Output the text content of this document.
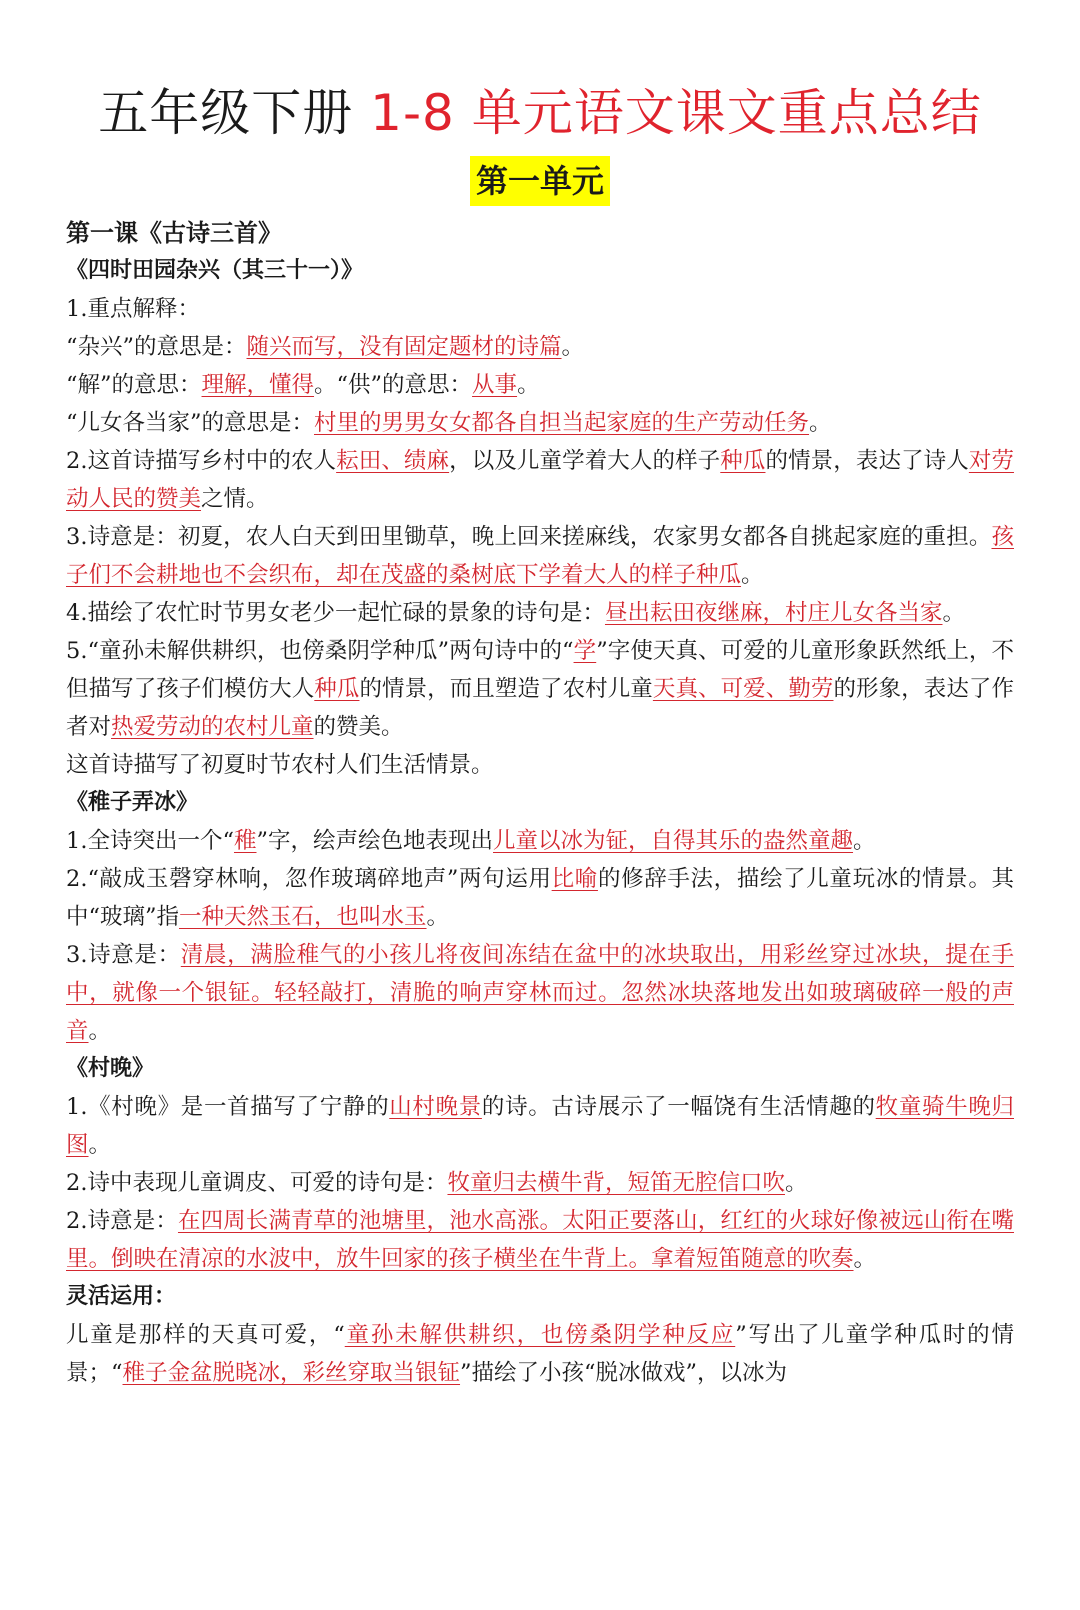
五年级下册 1-8 单元语文课文重点总结
第一单元
第一课《古诗三首》
《四时田园杂兴（其三十一）》
1.重点解释：
“杂兴”的意思是：随兴而写，没有固定题材的诗篇。
“解”的意思：理解，懂得。“供”的意思：从事。
“儿女各当家”的意思是：村里的男男女女都各自担当起家庭的生产劳动任务。
2.这首诗描写乡村中的农人耘田、绩麻，以及儿童学着大人的样子种瓜的情景，表达了诗人对劳动人民的赞美之情。
3.诗意是：初夏，农人白天到田里锄草，晚上回来搓麻线，农家男女都各自挑起家庭的重担。孩子们不会耕地也不会织布，却在茂盛的桑树底下学着大人的样子种瓜。
4.描绘了农忙时节男女老少一起忙碌的景象的诗句是：昼出耘田夜继麻，村庄儿女各当家。
5.“童孙未解供耕织，也傍桑阴学种瓜”两句诗中的“学”字使天真、可爱的儿童形象跃然纸上，不但描写了孩子们模仿大人种瓜的情景，而且塑造了农村儿童天真、可爱、勤劳的形象，表达了作者对热爱劳动的农村儿童的赞美。
这首诗描写了初夏时节农村人们生活情景。
《稚子弄冰》
1.全诗突出一个“稚”字，绘声绘色地表现出儿童以冰为钲，自得其乐的盎然童趣。
2.“敲成玉磬穿林响，忽作玻璃碎地声”两句运用比喻的修辞手法，描绘了儿童玩冰的情景。其中“玻璃”指一种天然玉石，也叫水玉。
3.诗意是：清晨，满脸稚气的小孩儿将夜间冻结在盆中的冰块取出，用彩丝穿过冰块，提在手中，就像一个银钲。轻轻敲打，清脆的响声穿林而过。忽然冰块落地发出如玻璃破碎一般的声音。
《村晚》
1.《村晚》是一首描写了宁静的山村晚景的诗。古诗展示了一幅饶有生活情趣的牧童骑牛晚归图。
2.诗中表现儿童调皮、可爱的诗句是：牧童归去横牛背，短笛无腔信口吹。
2.诗意是：在四周长满青草的池塘里，池水高涨。太阳正要落山，红红的火球好像被远山衔在嘴里。倒映在清凉的水波中，放牛回家的孩子横坐在牛背上。拿着短笛随意的吹奏。
灵活运用：
儿童是那样的天真可爱，“童孙未解供耕织，也傍桑阴学种反应”写出了儿童学种瓜时的情景；“稚子金盆脱晓冰，彩丝穿取当银钲”描绘了小孩“脱冰做戏”，以冰为
